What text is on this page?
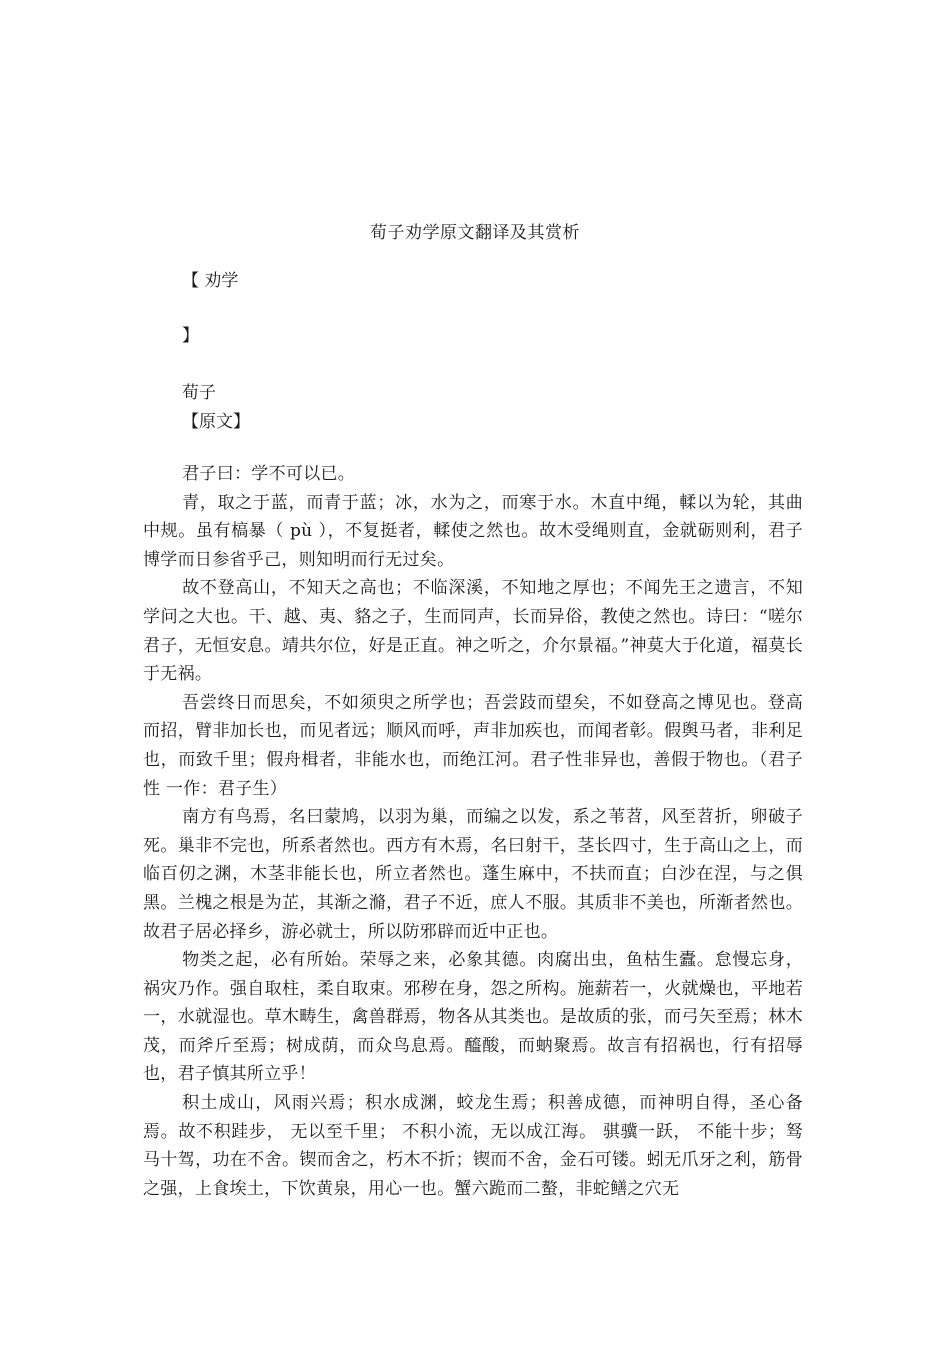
荀子劝学原文翻译及其赏析
【 劝学
】
荀子
【原文】

君子曰：学不可以已。

青，取之于蓝，而青于蓝；冰，水为之，而寒于水。木直中绳，輮以为轮，其曲中规。虽有槁暴（ pù ），不复挺者，輮使之然也。故木受绳则直，金就砺则利，君子博学而日参省乎己，则知明而行无过矣。

故不登高山，不知天之高也；不临深溪，不知地之厚也；不闻先王之遗言，不知学问之大也。干、越、夷、貉之子，生而同声，长而异俗，教使之然也。诗曰：“嗟尔君子，无恒安息。靖共尔位，好是正直。神之听之，介尔景福。”神莫大于化道，福莫长于无祸。

吾尝终日而思矣，不如须臾之所学也；吾尝跂而望矣，不如登高之博见也。登高而招，臂非加长也，而见者远；顺风而呼，声非加疾也，而闻者彰。假舆马者，非利足也，而致千里；假舟楫者，非能水也，而绝江河。君子性非异也，善假于物也。（君子性 一作：君子生）

南方有鸟焉，名曰蒙鸠，以羽为巢，而编之以发，系之苇苕，风至苕折，卵破子死。巢非不完也，所系者然也。西方有木焉，名曰射干，茎长四寸，生于高山之上，而临百仞之渊，木茎非能长也，所立者然也。蓬生麻中，不扶而直；白沙在涅，与之俱黑。兰槐之根是为芷，其渐之滫，君子不近，庶人不服。其质非不美也，所渐者然也。故君子居必择乡，游必就士，所以防邪辟而近中正也。

物类之起，必有所始。荣辱之来，必象其德。肉腐出虫，鱼枯生蠹。怠慢忘身，祸灾乃作。强自取柱，柔自取束。邪秽在身，怨之所构。施薪若一，火就燥也，平地若一，水就湿也。草木畴生，禽兽群焉，物各从其类也。是故质的张，而弓矢至焉；林木茂，而斧斤至焉；树成荫，而众鸟息焉。醯酸，而蚋聚焉。故言有招祸也，行有招辱也，君子慎其所立乎！

积土成山，风雨兴焉；积水成渊，蛟龙生焉；积善成德，而神明自得，圣心备焉。故不积跬步， 无以至千里； 不积小流，无以成江海。 骐骥一跃， 不能十步；驽马十驾，功在不舍。锲而舍之，朽木不折；锲而不舍，金石可镂。蚓无爪牙之利，筋骨之强，上食埃土，下饮黄泉，用心一也。蟹六跪而二螯，非蛇鳝之穴无
